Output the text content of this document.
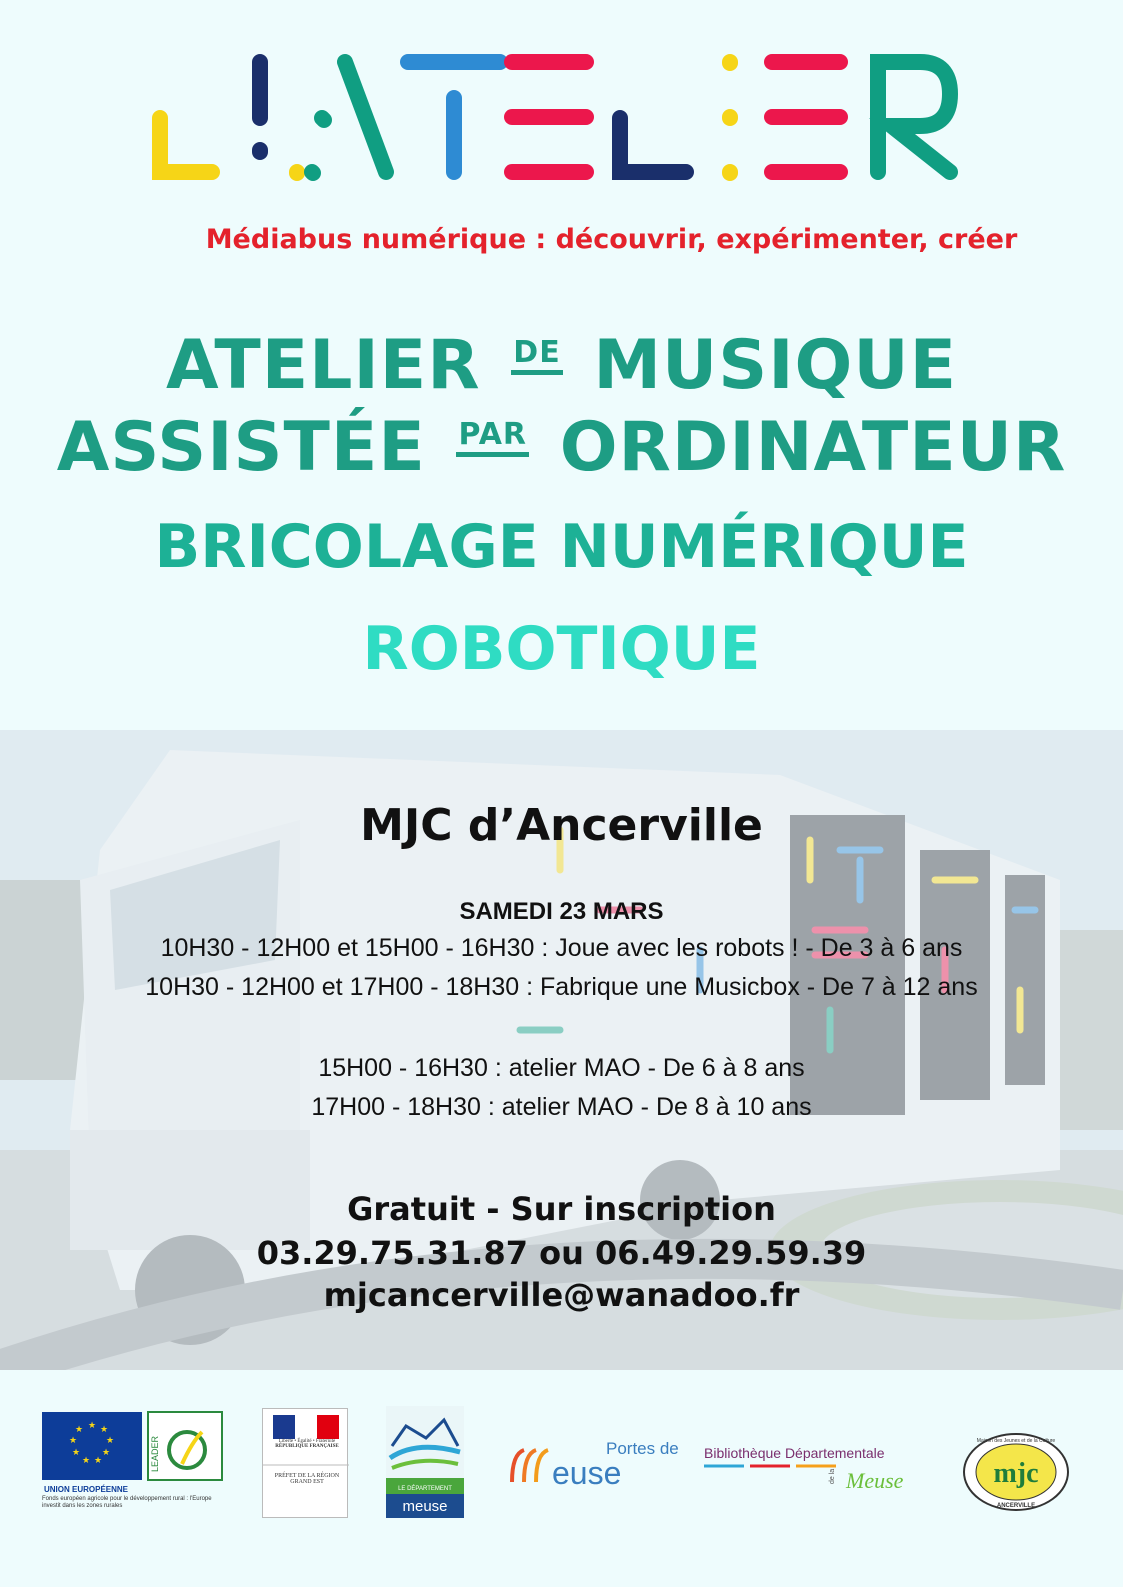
Médiabus numérique : découvrir, expérimenter, créer
ATELIER DE MUSIQUE
ASSISTÉE PAR ORDINATEUR
BRICOLAGE NUMÉRIQUE
ROBOTIQUE
MJC d’Ancerville
SAMEDI 23 MARS
10H30 - 12H00 et 15H00 - 16H30 : Joue avec les robots ! - De 3 à 6 ans
10H30 - 12H00 et 17H00 - 18H30 : Fabrique une Musicbox - De 7 à 12 ans
15H00 - 16H30 : atelier MAO - De 6 à 8 ans
17H00 - 18H30 : atelier MAO - De 8 à 10 ans
Gratuit - Sur inscription
03.29.75.31.87 ou 06.49.29.59.39
mjcancerville@wanadoo.fr
★ ★
★
★
★
★
★
★
★
LEADER
UNION EUROPÉENNE
Fonds européen agricole pour le développement rural : l'Europe investit dans les zones rurales
Liberté • Égalité • Fraternité
RÉPUBLIQUE FRANÇAISE
PRÉFET DE LA RÉGION GRAND EST
LE DÉPARTEMENT
meuse
Portes de
euse
Bibliothèque Départementale
de la Meuse	mjc
Maison des Jeunes et de la Culture
ANCERVILLE
